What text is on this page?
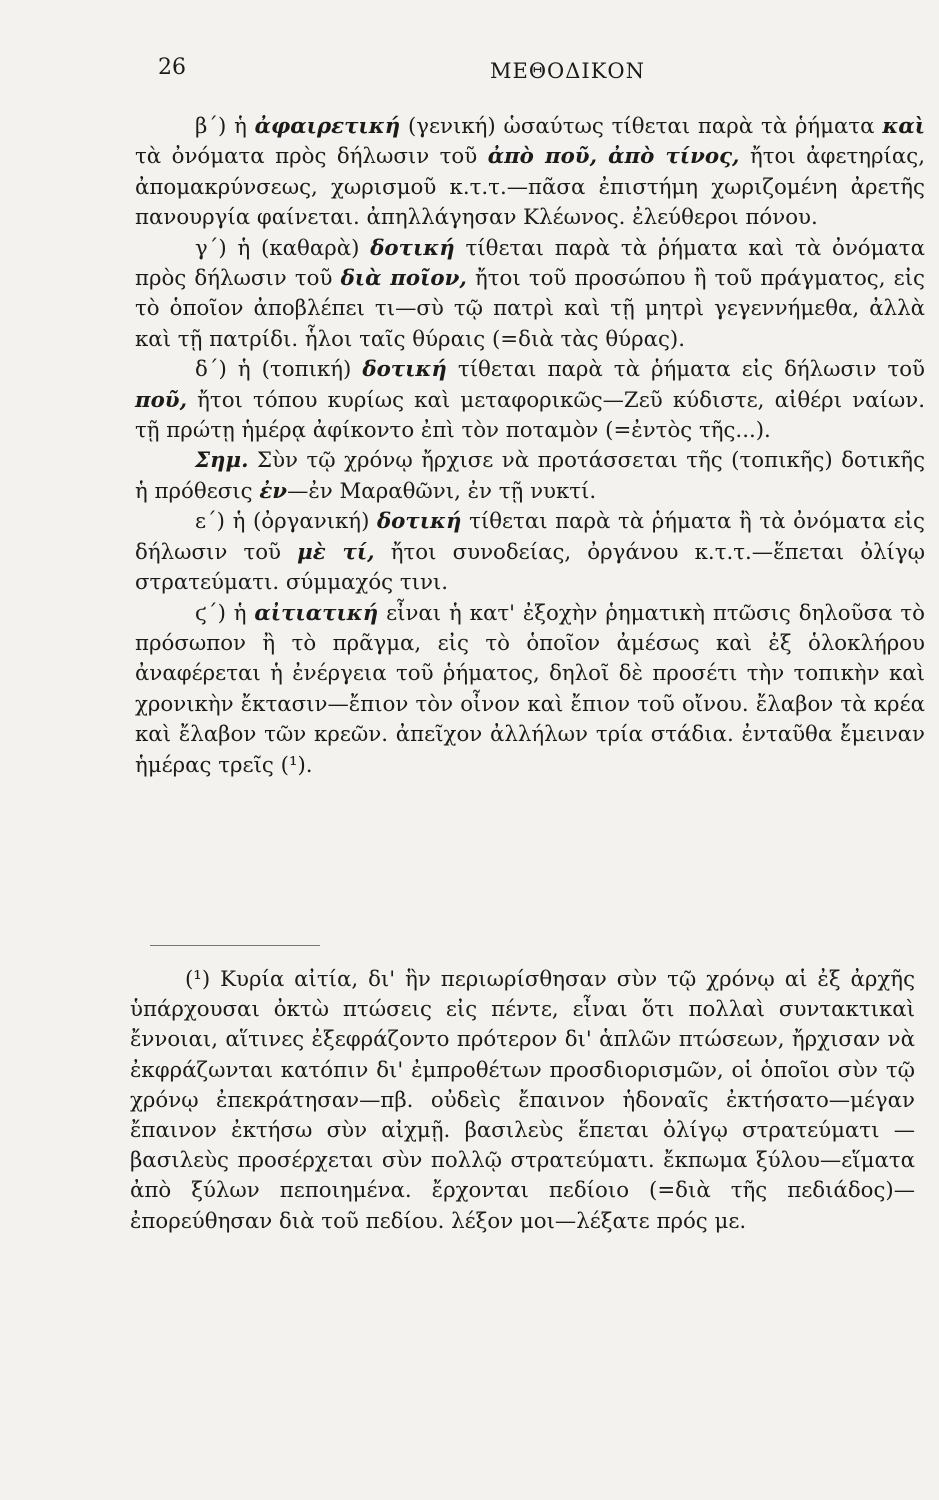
26	ΜΕΘΟΔΙΚΟΝ

β΄) ἡ ἀφαιρετική (γενική) ὡσαύτως τίθεται παρὰ τὰ ῥήματα καὶ τὰ ὀνόματα πρὸς δήλωσιν τοῦ ἀπὸ ποῦ, ἀπὸ τίνος, ἤτοι ἀφετηρίας, ἀπομακρύνσεως, χωρισμοῦ κ.τ.τ.—πᾶσα ἐπιστήμη χωριζομένη ἀρετῆς πανουργία φαίνεται. ἀπηλλάγησαν Κλέωνος. ἐλεύθεροι πόνου.

γ΄) ἡ (καθαρὰ) δοτική τίθεται παρὰ τὰ ῥήματα καὶ τὰ ὀνόματα πρὸς δήλωσιν τοῦ διὰ ποῖον, ἤτοι τοῦ προσώπου ἢ τοῦ πράγματος, εἰς τὸ ὁποῖον ἀποβλέπει τι—σὺ τῷ πατρὶ καὶ τῇ μητρὶ γεγεννήμεθα, ἀλλὰ καὶ τῇ πατρίδι. ἧλοι ταῖς θύραις (=διὰ τὰς θύρας).

δ΄) ἡ (τοπική) δοτική τίθεται παρὰ τὰ ῥήματα εἰς δήλωσιν τοῦ ποῦ, ἤτοι τόπου κυρίως καὶ μεταφορικῶς—Ζεῦ κύδιστε, αἰθέρι ναίων. τῇ πρώτῃ ἡμέρᾳ ἀφίκοντο ἐπὶ τὸν ποταμὸν (=ἐντὸς τῆς...).

Σημ. Σὺν τῷ χρόνῳ ἤρχισε νὰ προτάσσεται τῆς (τοπικῆς) δοτικῆς ἡ πρόθεσις ἐν—ἐν Μαραθῶνι, ἐν τῇ νυκτί.

ε΄) ἡ (ὀργανική) δοτική τίθεται παρὰ τὰ ῥήματα ἢ τὰ ὀνόματα εἰς δήλωσιν τοῦ μὲ τί, ἤτοι συνοδείας, ὀργάνου κ.τ.τ.—ἕπεται ὀλίγῳ στρατεύματι. σύμμαχός τινι.

ϛ΄) ἡ αἰτιατική εἶναι ἡ κατ' ἐξοχὴν ῥηματικὴ πτῶσις δηλοῦσα τὸ πρόσωπον ἢ τὸ πρᾶγμα, εἰς τὸ ὁποῖον ἀμέσως καὶ ἐξ ὁλοκλήρου ἀναφέρεται ἡ ἐνέργεια τοῦ ῥήματος, δηλοῖ δὲ προσέτι τὴν τοπικὴν καὶ χρονικὴν ἔκτασιν—ἔπιον τὸν οἶνον καὶ ἔπιον τοῦ οἴνου. ἔλαβον τὰ κρέα καὶ ἔλαβον τῶν κρεῶν. ἀπεῖχον ἀλλήλων τρία στάδια. ἐνταῦθα ἔμειναν ἡμέρας τρεῖς (¹).

(¹) Κυρία αἰτία, δι' ἣν περιωρίσθησαν σὺν τῷ χρόνῳ αἱ ἐξ ἀρχῆς ὑπάρχουσαι ὀκτὼ πτώσεις εἰς πέντε, εἶναι ὅτι πολλαὶ συντακτικαὶ ἔννοιαι, αἵτινες ἐξεφράζοντο πρότερον δι' ἁπλῶν πτώσεων, ἤρχισαν νὰ ἐκφράζωνται κατόπιν δι' ἐμπροθέτων προσδιορισμῶν, οἱ ὁποῖοι σὺν τῷ χρόνῳ ἐπεκράτησαν—πβ. οὐδεὶς ἔπαινον ἡδοναῖς ἐκτήσατο—μέγαν ἔπαινον ἐκτήσω σὺν αἰχμῇ. βασιλεὺς ἕπεται ὀλίγῳ στρατεύματι — βασιλεὺς προσέρχεται σὺν πολλῷ στρατεύματι. ἔκπωμα ξύλου—εἵματα ἀπὸ ξύλων πεποιημένα. ἔρχονται πεδίοιο (=διὰ τῆς πεδιάδος)—ἐπορεύθησαν διὰ τοῦ πεδίου. λέξον μοι—λέξατε πρός με.
